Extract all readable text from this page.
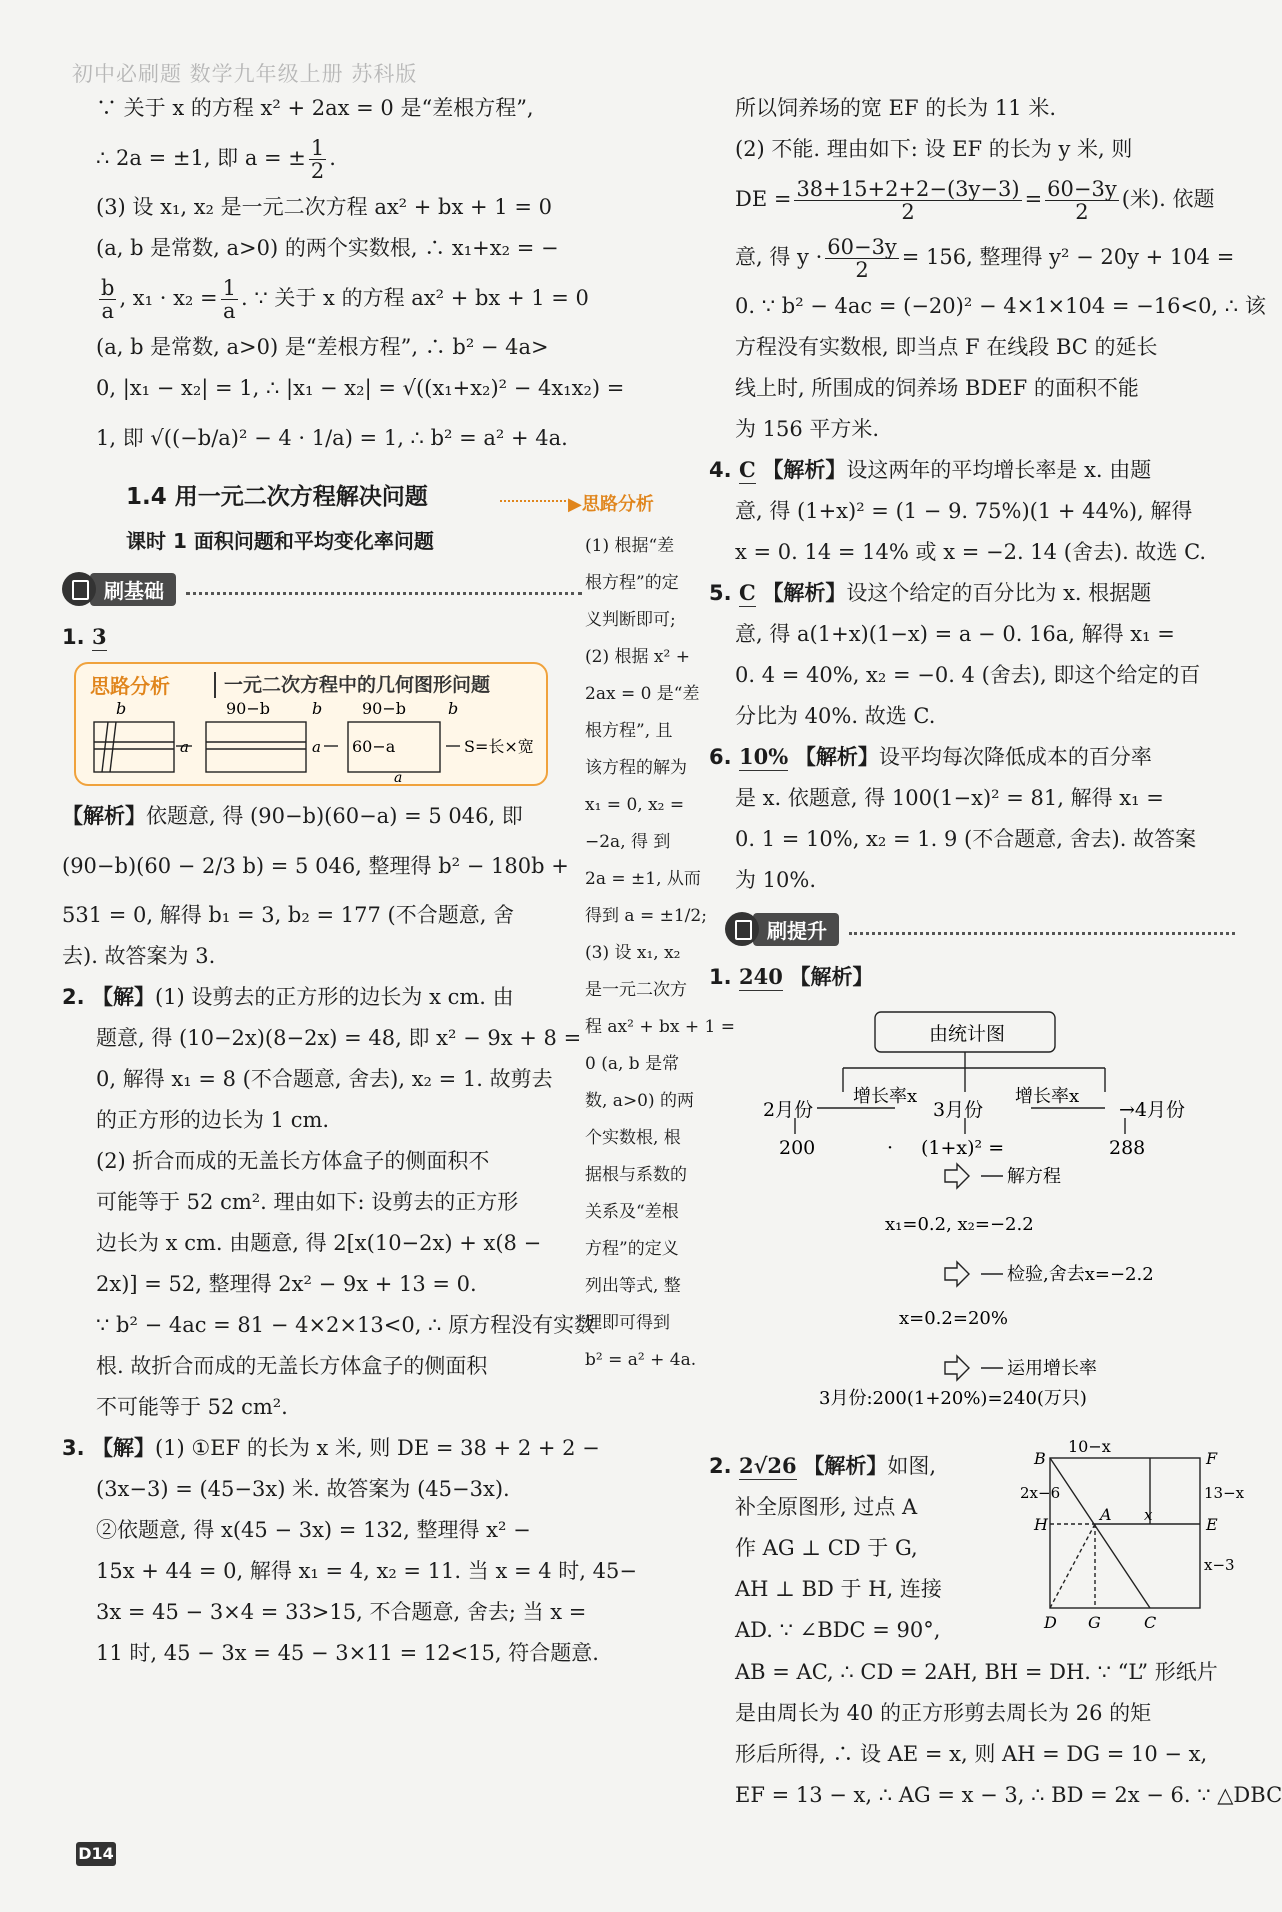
初中必刷题 数学九年级上册 苏科版
∵ 关于 x 的方程 x² + 2ax = 0 是“差根方程”,
∴ 2a = ±1, 即 a = ± $\frac{1}{2}$ .
(3) 设 x₁, x₂ 是一元二次方程 ax² + bx + 1 = 0
(a, b 是常数, a>0) 的两个实数根, ∴ x₁+x₂ = −
$\frac{b}{a}$ , $x_1 \cdot x_2 = \frac{1}{a}$ . ∵ 关于 x 的方程 ax² + bx + 1 = 0
(a, b 是常数, a>0) 是“差根方程”, ∴ b² − 4a>
0, |x₁ − x₂| = 1, ∴ |x₁ − x₂| = √((x₁+x₂)² − 4x₁x₂) =
1, 即 √((−b/a)² − 4 · 1/a) = 1, ∴ b² = a² + 4a.
1.4 用一元二次方程解决问题
课时 1 面积问题和平均变化率问题
刷基础
1. 3
思路分析	一元二次方程中的几何图形问题
b
a
90−b	b
a
90−b	b
60−a
a
S=长×宽
【解析】依题意, 得 (90−b)(60−a) = 5 046, 即
(90−b)(60 − 2/3 b) = 5 046, 整理得 b² − 180b +
531 = 0, 解得 b₁ = 3, b₂ = 177 (不合题意, 舍
去). 故答案为 3.
2. 【解】(1) 设剪去的正方形的边长为 x cm. 由
题意, 得 (10−2x)(8−2x) = 48, 即 x² − 9x + 8 =
0, 解得 x₁ = 8 (不合题意, 舍去), x₂ = 1. 故剪去
的正方形的边长为 1 cm.
(2) 折合而成的无盖长方体盒子的侧面积不
可能等于 52 cm². 理由如下: 设剪去的正方形
边长为 x cm. 由题意, 得 2[x(10−2x) + x(8 −
2x)] = 52, 整理得 2x² − 9x + 13 = 0.
∵ b² − 4ac = 81 − 4×2×13<0, ∴ 原方程没有实数
根. 故折合而成的无盖长方体盒子的侧面积
不可能等于 52 cm².
3. 【解】(1) ①EF 的长为 x 米, 则 DE = 38 + 2 + 2 −
(3x−3) = (45−3x) 米. 故答案为 (45−3x).
②依题意, 得 x(45 − 3x) = 132, 整理得 x² −
15x + 44 = 0, 解得 x₁ = 4, x₂ = 11. 当 x = 4 时, 45−
3x = 45 − 3×4 = 33>15, 不合题意, 舍去; 当 x =
11 时, 45 − 3x = 45 − 3×11 = 12<15, 符合题意.
▶思路分析
(1) 根据“差
根方程”的定
义判断即可;
(2) 根据 x² +
2ax = 0 是“差
根方程”, 且
该方程的解为
x₁ = 0, x₂ =
−2a, 得 到
2a = ±1, 从而
得到 a = ±1/2;
(3) 设 x₁, x₂
是一元二次方
程 ax² + bx + 1 =
0 (a, b 是常
数, a>0) 的两
个实数根, 根
据根与系数的
关系及“差根
方程”的定义
列出等式, 整
理即可得到
b² = a² + 4a.
所以饲养场的宽 EF 的长为 11 米.
(2) 不能. 理由如下: 设 EF 的长为 y 米, 则
DE = $\frac{38+15+2+2-(3y-3)}{2} = \frac{60-3y}{2}$ (米). 依题
意, 得 $y \cdot \frac{60-3y}{2} = 156$, 整理得 y² − 20y + 104 =
0. ∵ b² − 4ac = (−20)² − 4×1×104 = −16<0, ∴ 该
方程没有实数根, 即当点 F 在线段 BC 的延长
线上时, 所围成的饲养场 BDEF 的面积不能
为 156 平方米.
4. C 【解析】设这两年的平均增长率是 x. 由题
意, 得 (1+x)² = (1 − 9. 75%)(1 + 44%), 解得
x = 0. 14 = 14% 或 x = −2. 14 (舍去). 故选 C.
5. C 【解析】设这个给定的百分比为 x. 根据题
意, 得 a(1+x)(1−x) = a − 0. 16a, 解得 x₁ =
0. 4 = 40%, x₂ = −0. 4 (舍去), 即这个给定的百
分比为 40%. 故选 C.
6. 10% 【解析】设平均每次降低成本的百分率
是 x. 依题意, 得 100(1−x)² = 81, 解得 x₁ =
0. 1 = 10%, x₂ = 1. 9 (不合题意, 舍去). 故答案
为 10%.
刷提升
1. 240 【解析】
由统计图
增长率x	增长率x
2月份	3月份	→4月份
200	· (1+x)² =	288
解方程
x₁=0.2, x₂=−2.2
检验,舍去x=−2.2
x=0.2=20%
运用增长率
3月份:200(1+20%)=240(万只)
2. 2√26 【解析】如图,
补全原图形, 过点 A
作 AG ⊥ CD 于 G,
AH ⊥ BD 于 H, 连接
AD. ∵ ∠BDC = 90°,
10−x
B	F
2x−6	13−x
H
A x	E
x−3
D G	C
AB = AC, ∴ CD = 2AH, BH = DH. ∵ “L” 形纸片
是由周长为 40 的正方形剪去周长为 26 的矩
形后所得, ∴ 设 AE = x, 则 AH = DG = 10 − x,
EF = 13 − x, ∴ AG = x − 3, ∴ BD = 2x − 6. ∵ △DBC
D14
